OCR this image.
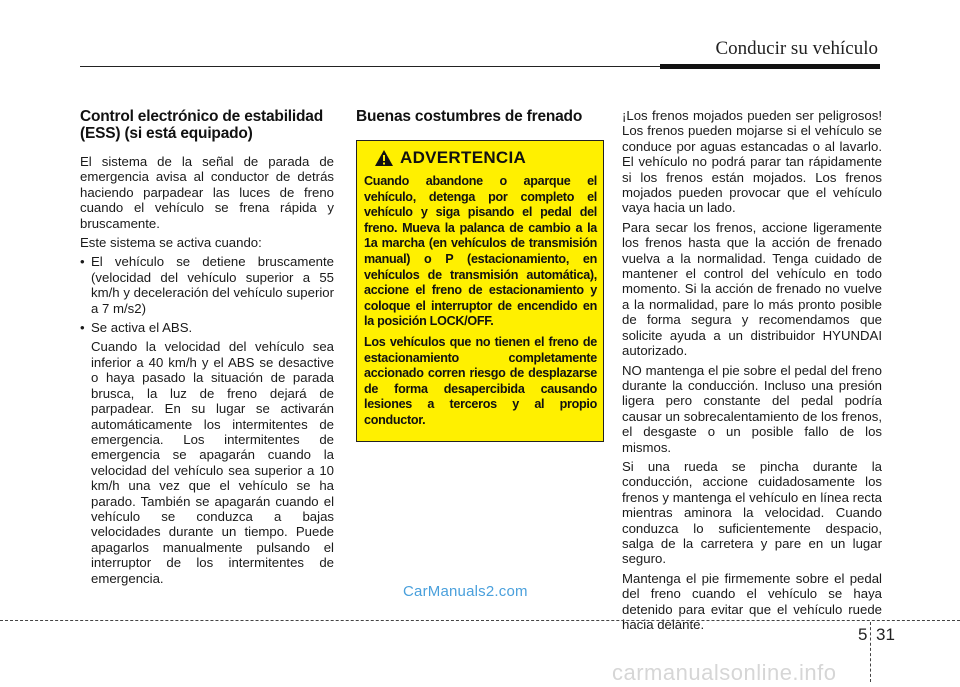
Conducir su vehículo
Control electrónico de estabilidad
(ESS) (si está equipado)

El sistema de la señal de parada de emergencia avisa al conductor de detrás haciendo parpadear las luces de freno cuando el vehículo se frena rápida y bruscamente.

Este sistema se activa cuando:

• El vehículo se detiene bruscamente (velocidad del vehículo superior a 55 km/h y deceleración del vehículo superior a 7 m/s2)
• Se activa el ABS.

Cuando la velocidad del vehículo sea inferior a 40 km/h y el ABS se desactive o haya pasado la situación de parada brusca, la luz de freno dejará de parpadear. En su lugar se activarán automáticamente los intermitentes de emergencia. Los intermitentes de emergencia se apagarán cuando la velocidad del vehículo sea superior a 10 km/h una vez que el vehículo se ha parado. También se apagarán cuando el vehículo se conduzca a bajas velocidades durante un tiempo. Puede apagarlos manualmente pulsando el interruptor de los intermitentes de emergencia.

Buenas costumbres de frenado
ADVERTENCIA

Cuando abandone o aparque el vehículo, detenga por completo el vehículo y siga pisando el pedal del freno. Mueva la palanca de cambio a la 1a marcha (en vehículos de transmisión manual) o P (estacionamiento, en vehículos de transmisión automática), accione el freno de estacionamiento y coloque el interruptor de encendido en la posición LOCK/OFF.

Los vehículos que no tienen el freno de estacionamiento completamente accionado corren riesgo de desplazarse de forma desapercibida causando lesiones a terceros y al propio conductor.

¡Los frenos mojados pueden ser peligrosos! Los frenos pueden mojarse si el vehículo se conduce por aguas estancadas o al lavarlo. El vehículo no podrá parar tan rápidamente si los frenos están mojados. Los frenos mojados pueden provocar que el vehículo vaya hacia un lado.

Para secar los frenos, accione ligeramente los frenos hasta que la acción de frenado vuelva a la normalidad. Tenga cuidado de mantener el control del vehículo en todo momento. Si la acción de frenado no vuelve a la normalidad, pare lo más pronto posible de forma segura y recomendamos que solicite ayuda a un distribuidor HYUNDAI autorizado.

NO mantenga el pie sobre el pedal del freno durante la conducción. Incluso una presión ligera pero constante del pedal podría causar un sobrecalentamiento de los frenos, el desgaste o un posible fallo de los mismos.

Si una rueda se pincha durante la conducción, accione cuidadosamente los frenos y mantenga el vehículo en línea recta mientras aminora la velocidad. Cuando conduzca lo suficientemente despacio, salga de la carretera y pare en un lugar seguro.

Mantenga el pie firmemente sobre el pedal del freno cuando el vehículo se haya detenido para evitar que el vehículo ruede hacia delante.

CarManuals2.com
5 31
carmanualsonline.info
